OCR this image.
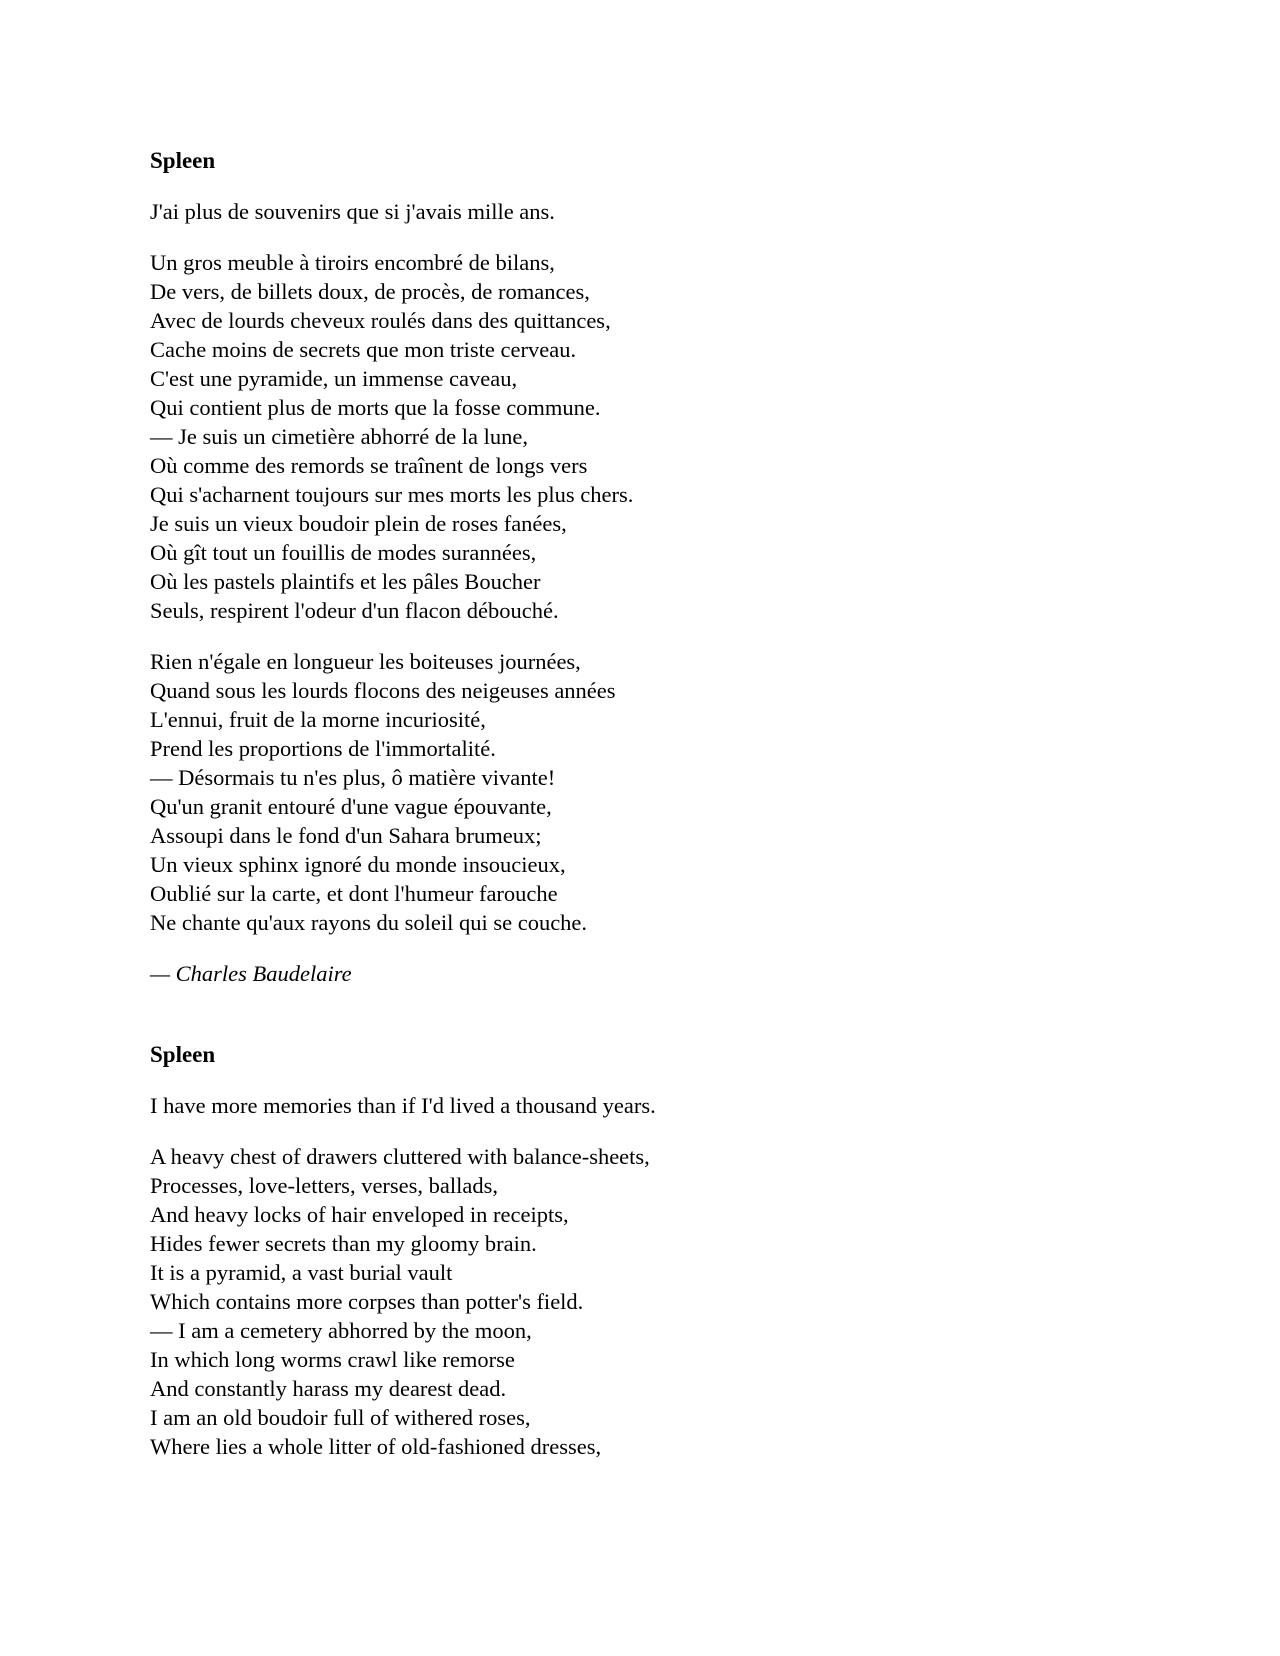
Spleen
J'ai plus de souvenirs que si j'avais mille ans.
Un gros meuble à tiroirs encombré de bilans,
De vers, de billets doux, de procès, de romances,
Avec de lourds cheveux roulés dans des quittances,
Cache moins de secrets que mon triste cerveau.
C'est une pyramide, un immense caveau,
Qui contient plus de morts que la fosse commune.
— Je suis un cimetière abhorré de la lune,
Où comme des remords se traînent de longs vers
Qui s'acharnent toujours sur mes morts les plus chers.
Je suis un vieux boudoir plein de roses fanées,
Où gît tout un fouillis de modes surannées,
Où les pastels plaintifs et les pâles Boucher
Seuls, respirent l'odeur d'un flacon débouché.
Rien n'égale en longueur les boiteuses journées,
Quand sous les lourds flocons des neigeuses années
L'ennui, fruit de la morne incuriosité,
Prend les proportions de l'immortalité.
— Désormais tu n'es plus, ô matière vivante!
Qu'un granit entouré d'une vague épouvante,
Assoupi dans le fond d'un Sahara brumeux;
Un vieux sphinx ignoré du monde insoucieux,
Oublié sur la carte, et dont l'humeur farouche
Ne chante qu'aux rayons du soleil qui se couche.

— Charles Baudelaire

Spleen
I have more memories than if I'd lived a thousand years.
A heavy chest of drawers cluttered with balance-sheets,
Processes, love-letters, verses, ballads,
And heavy locks of hair enveloped in receipts,
Hides fewer secrets than my gloomy brain.
It is a pyramid, a vast burial vault
Which contains more corpses than potter's field.
— I am a cemetery abhorred by the moon,
In which long worms crawl like remorse
And constantly harass my dearest dead.
I am an old boudoir full of withered roses,
Where lies a whole litter of old-fashioned dresses,
